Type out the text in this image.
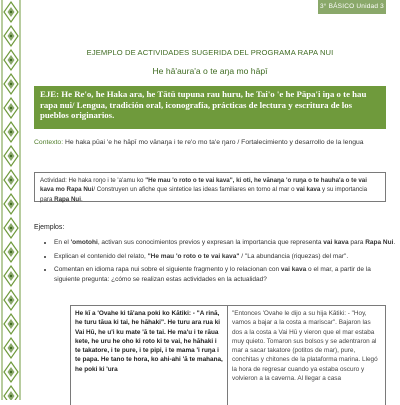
3° BÁSICO Unidad 3
EJEMPLO DE ACTIVIDADES SUGERIDA DEL PROGRAMA RAPA NUI
He hā'aura'a o te aŋa mo hāpī
EJE: He Re'o, he Haka ara, he Tātū tupuna rau huru, he Tai'o 'e he Pāpa'i iŋa o te hau rapa nui/ Lengua, tradición oral, iconografía, prácticas de lectura y escritura de los pueblos originarios.
Contexto: He haka pūai 'e he hāpī mo vānaŋa i te re'o mo ta'e ŋaro / Fortalecimiento y desarrollo de la lengua
Actividad: He haka roŋo i te 'a'amu ko "He mau 'o roto o te vai kava", ki oti, he vānaŋa 'o ruŋa o te hauha'a o te vai kava mo Rapa Nui/ Construyen un afiche que sintetice las ideas familiares en torno al mar o vai kava y su importancia para Rapa Nui.
Ejemplos:
• En el 'omotohi, activan sus conocimientos previos y expresan la importancia que representa vai kava para Rapa Nui.
• Explican el contenido del relato, "He mau 'o roto o te vai kava" / "La abundancia (riquezas) del mar".
• Comentan en idioma rapa nui sobre el siguiente fragmento y lo relacionan con vai kava o el mar, a partir de la siguiente pregunta: ¿cómo se realizan estas actividades en la actualidad?
He kī a 'Ovahe ki tā'ana poki ko Kātiki: - "A rinā, he turu tāua ki tai, he hāhaki". He turu ara rua ki Vai Hū, he u'i ku mate 'ā te tai. He ma'u i te rāua kete, he uru he oho ki roto ki te vai, he hāhaki i te takatore, i te pure, i te pipi, i te mama 'i ruŋa i te papa. He tano te hora, ko ahi-ahi 'ā te mahana, he poki ki 'ura
"Entonces 'Ovahe le dijo a su hija Kātiki: - "Hoy, vamos a bajar a la costa a mariscar". Bajaron las dos a la costa a Vai Hū y vieron que el mar estaba muy quieto. Tomaron sus bolsos y se adentraron al mar a sacar takatore (potitos de mar), pure, conchitas y chitones de la plataforma marina. Llegó la hora de regresar cuando ya estaba oscuro y volvieron a la caverna. Al llegar a casa
